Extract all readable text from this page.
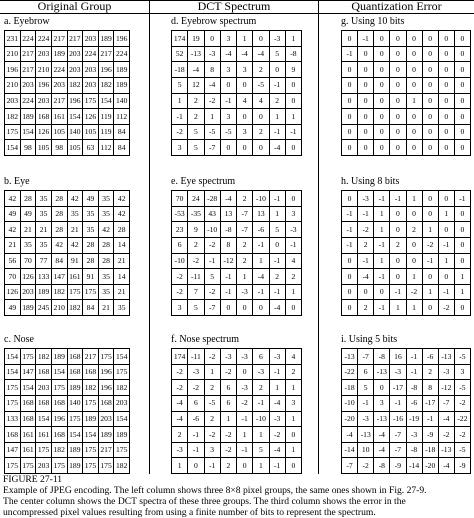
Original Group	DCT Spectrum	Quantization Error
a. Eyebrow
231	224	224	217	217	203	189	196
210	217	203	189	203	224	217	224
196	217	210	224	203	203	196	189
210	203	196	203	182	203	182	189
203	224	203	217	196	175	154	140
182	189	168	161	154	126	119	112
175	154	126	105	140	105	119	84
154	98	105	98	105	63	112	84
d. Eyebrow spectrum
174	19	0	3	1	0	-3	1
52	-13	-3	-4	-4	-4	5	-8
-18	-4	8	3	3	2	0	9
5	12	-4	0	0	-5	-1	0
1	2	-2	-1	4	4	2	0
-1	2	1	3	0	0	1	1
-2	5	-5	-5	3	2	-1	-1
3	5	-7	0	0	0	-4	0
g. Using 10 bits
0	-1	0	0	0	0	0	0
-1	0	0	0	0	0	0	0
0	0	0	0	0	0	0	0
0	0	0	0	0	0	0	0
0	0	0	0	1	0	0	0
0	0	0	0	0	0	0	0
0	0	0	0	0	0	0	0
0	0	0	0	0	0	0	0
b. Eye
42	28	35	28	42	49	35	42
49	49	35	28	35	35	35	42
42	21	21	28	21	35	42	28
21	35	35	42	42	28	28	14
56	70	77	84	91	28	28	21
70	126	133	147	161	91	35	14
126	203	189	182	175	175	35	21
49	189	245	210	182	84	21	35
e. Eye spectrum
70	24	-28	-4	2	-10	-1	0
-53	-35	43	13	-7	13	1	3
23	9	-10	-8	-7	-6	5	-3
6	2	-2	8	2	-1	0	-1
-10	-2	-1	-12	2	1	-1	4
-2	-11	5	-1	1	-4	2	2
-2	7	-2	-1	-3	-1	-1	1
3	5	-7	0	0	0	-4	0
h. Using 8 bits
0	-3	-1	-1	1	0	0	-1
-1	-1	1	0	0	0	1	0
-1	-2	1	0	2	1	0	0
-1	2	-1	2	0	-2	-1	0
0	-1	1	0	0	-1	1	0
0	-4	-1	0	1	0	0	1
0	0	0	-1	-2	1	-1	1
0	2	-1	1	1	0	-2	0
c. Nose
154	175	182	189	168	217	175	154
154	147	168	154	168	168	196	175
175	154	203	175	189	182	196	182
175	168	168	168	140	175	168	203
133	168	154	196	175	189	203	154
168	161	161	168	154	154	189	189
147	161	175	182	189	175	217	175
175	175	203	175	189	175	175	182
f. Nose spectrum
174	-11	-2	-3	-3	6	-3	4
-2	-3	1	-2	0	-3	-1	2
-2	-2	2	6	-3	2	1	1
-4	6	-5	6	-2	-1	-4	3
-4	-6	2	1	-1	-10	-3	1
2	-1	-2	-2	1	1	-2	0
-3	-1	3	-2	-1	5	-4	1
1	0	-1	2	0	1	-1	0
i. Using 5 bits
-13	-7	-8	16	-1	-6	-13	-5
-22	6	-13	-3	-1	2	-3	3
-18	5	0	-17	-8	8	-12	-5
-10	-1	3	-1	-6	-17	-7	-2
-20	-3	-13	-16	-19	-1	-4	-22
-4	-13	-4	-7	-3	-9	-2	-2
-14	10	-4	-7	-8	-18	-13	-5
-7	-2	-8	-9	-14	-20	-4	-9
FIGURE 27-11
Example of JPEG encoding. The left column shows three 8×8 pixel groups, the same ones shown in Fig. 27-9.
The center column shows the DCT spectra of these three groups. The third column shows the error in the
uncompressed pixel values resulting from using a finite number of bits to represent the spectrum.
